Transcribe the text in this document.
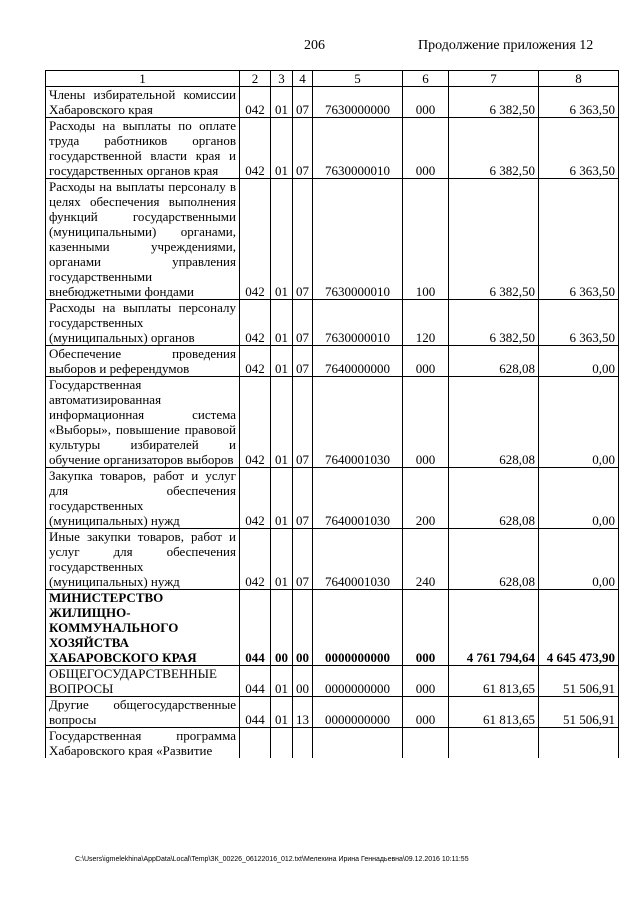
206	Продолжение приложения 12
1	2	3	4	5	6	7	8
Члены избирательной комиссии Хабаровского края	042	01	07	7630000000	000	6 382,50	6 363,50
Расходы на выплаты по оплате труда работников органов государственной власти края и государственных органов края	042	01	07	7630000010	000	6 382,50	6 363,50
Расходы на выплаты персоналу в целях обеспечения выполнения функций государственными (муниципальными) органами, казенными учреждениями, органами управления государственными внебюджетными фондами	042	01	07	7630000010	100	6 382,50	6 363,50
Расходы на выплаты персоналу государственных (муниципальных) органов	042	01	07	7630000010	120	6 382,50	6 363,50
Обеспечение проведения выборов и референдумов	042	01	07	7640000000	000	628,08	0,00
Государственная автоматизированная информационная система «Выборы», повышение правовой культуры избирателей и обучение организаторов выборов	042	01	07	7640001030	000	628,08	0,00
Закупка товаров, работ и услуг для обеспечения государственных (муниципальных) нужд	042	01	07	7640001030	200	628,08	0,00
Иные закупки товаров, работ и услуг для обеспечения государственных (муниципальных) нужд	042	01	07	7640001030	240	628,08	0,00
МИНИСТЕРСТВО ЖИЛИЩНО-КОММУНАЛЬНОГО ХОЗЯЙСТВА ХАБАРОВСКОГО КРАЯ	044	00	00	0000000000	000	4 761 794,64	4 645 473,90
ОБЩЕГОСУДАРСТВЕННЫЕ ВОПРОСЫ	044	01	00	0000000000	000	61 813,65	51 506,91
Другие общегосударственные вопросы	044	01	13	0000000000	000	61 813,65	51 506,91
Государственная программа Хабаровского края «Развитие							
C:\Users\igmelekhina\AppData\Local\Temp\ЗК_00226_06122016_012.txt\Мелехина Ирина Геннадьевна\09.12.2016 10:11:55
